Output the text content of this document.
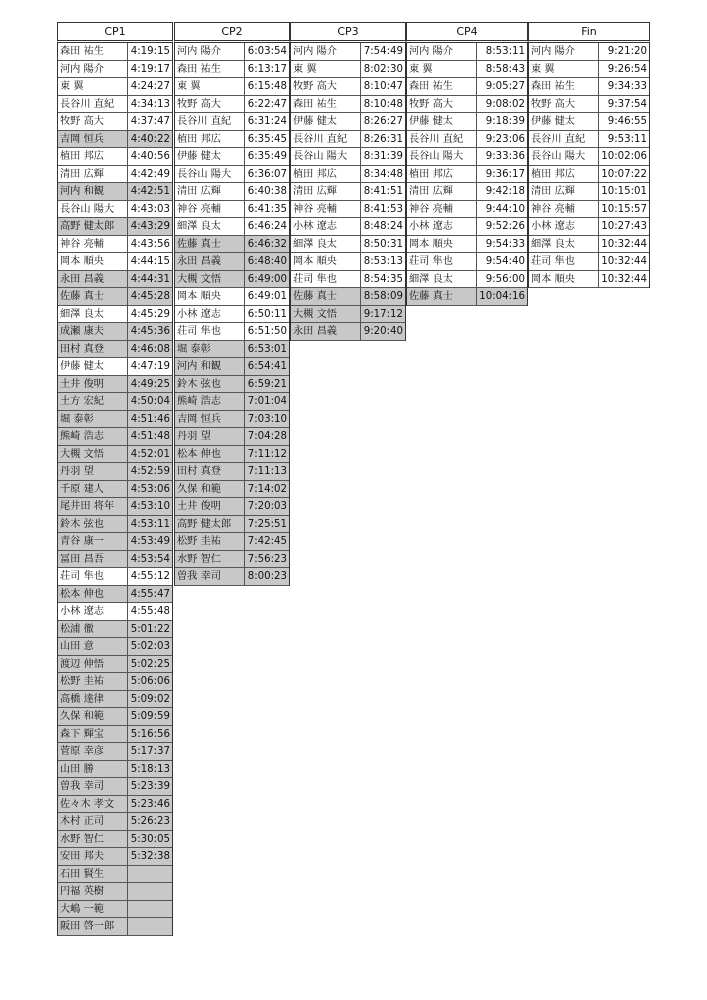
CP1
森田 祐生	4:19:15
河内 陽介	4:19:17
東 翼	4:24:27
長谷川 直紀	4:34:13
牧野 高大	4:37:47
吉岡 恒兵	4:40:22
植田 邦広	4:40:56
清田 広輝	4:42:49
河内 和観	4:42:51
長谷山 陽大	4:43:03
高野 健太郎	4:43:29
神谷 亮輔	4:43:56
岡本 順央	4:44:15
永田 昌義	4:44:31
佐藤 真士	4:45:28
細澤 良太	4:45:29
成瀬 康夫	4:45:36
田村 真登	4:46:08
伊藤 健太	4:47:19
土井 俊明	4:49:25
土方 宏紀	4:50:04
堀 泰彰	4:51:46
熊崎 浩志	4:51:48
大槻 文悟	4:52:01
丹羽 望	4:52:59
千原 建人	4:53:06
尾井田 将年	4:53:10
鈴木 弦也	4:53:11
青谷 康一	4:53:49
冨田 昌吾	4:53:54
荘司 隼也	4:55:12
松本 伸也	4:55:47
小林 遼志	4:55:48
松浦 徹	5:01:22
山田 意	5:02:03
渡辺 伸悟	5:02:25
松野 圭祐	5:06:06
高橋 達律	5:09:02
久保 和範	5:09:59
森下 輝宝	5:16:56
菅原 幸彦	5:17:37
山田 勝	5:18:13
曽我 幸司	5:23:39
佐々木 孝文	5:23:46
木村 正司	5:26:23
水野 智仁	5:30:05
安田 邦夫	5:32:38
石田 賢生
円福 英樹
大嶋 一範
阪田 啓一郎
CP2
河内 陽介	6:03:54
森田 祐生	6:13:17
東 翼	6:15:48
牧野 高大	6:22:47
長谷川 直紀	6:31:24
植田 邦広	6:35:45
伊藤 健太	6:35:49
長谷山 陽大	6:36:07
清田 広輝	6:40:38
神谷 亮輔	6:41:35
細澤 良太	6:46:24
佐藤 真士	6:46:32
永田 昌義	6:48:40
大槻 文悟	6:49:00
岡本 順央	6:49:01
小林 遼志	6:50:11
荘司 隼也	6:51:50
堀 泰彰	6:53:01
河内 和観	6:54:41
鈴木 弦也	6:59:21
熊崎 浩志	7:01:04
吉岡 恒兵	7:03:10
丹羽 望	7:04:28
松本 伸也	7:11:12
田村 真登	7:11:13
久保 和範	7:14:02
土井 俊明	7:20:03
高野 健太郎	7:25:51
松野 圭祐	7:42:45
水野 智仁	7:56:23
曽我 幸司	8:00:23
CP3
河内 陽介	7:54:49
東 翼	8:02:30
牧野 高大	8:10:47
森田 祐生	8:10:48
伊藤 健太	8:26:27
長谷川 直紀	8:26:31
長谷山 陽大	8:31:39
植田 邦広	8:34:48
清田 広輝	8:41:51
神谷 亮輔	8:41:53
小林 遼志	8:48:24
細澤 良太	8:50:31
岡本 順央	8:53:13
荘司 隼也	8:54:35
佐藤 真士	8:58:09
大槻 文悟	9:17:12
永田 昌義	9:20:40
CP4
河内 陽介	8:53:11
東 翼	8:58:43
森田 祐生	9:05:27
牧野 高大	9:08:02
伊藤 健太	9:18:39
長谷川 直紀	9:23:06
長谷山 陽大	9:33:36
植田 邦広	9:36:17
清田 広輝	9:42:18
神谷 亮輔	9:44:10
小林 遼志	9:52:26
岡本 順央	9:54:33
荘司 隼也	9:54:40
細澤 良太	9:56:00
佐藤 真士	10:04:16
Fin
河内 陽介	9:21:20
東 翼	9:26:54
森田 祐生	9:34:33
牧野 高大	9:37:54
伊藤 健太	9:46:55
長谷川 直紀	9:53:11
長谷山 陽大	10:02:06
植田 邦広	10:07:22
清田 広輝	10:15:01
神谷 亮輔	10:15:57
小林 遼志	10:27:43
細澤 良太	10:32:44
荘司 隼也	10:32:44
岡本 順央	10:32:44
